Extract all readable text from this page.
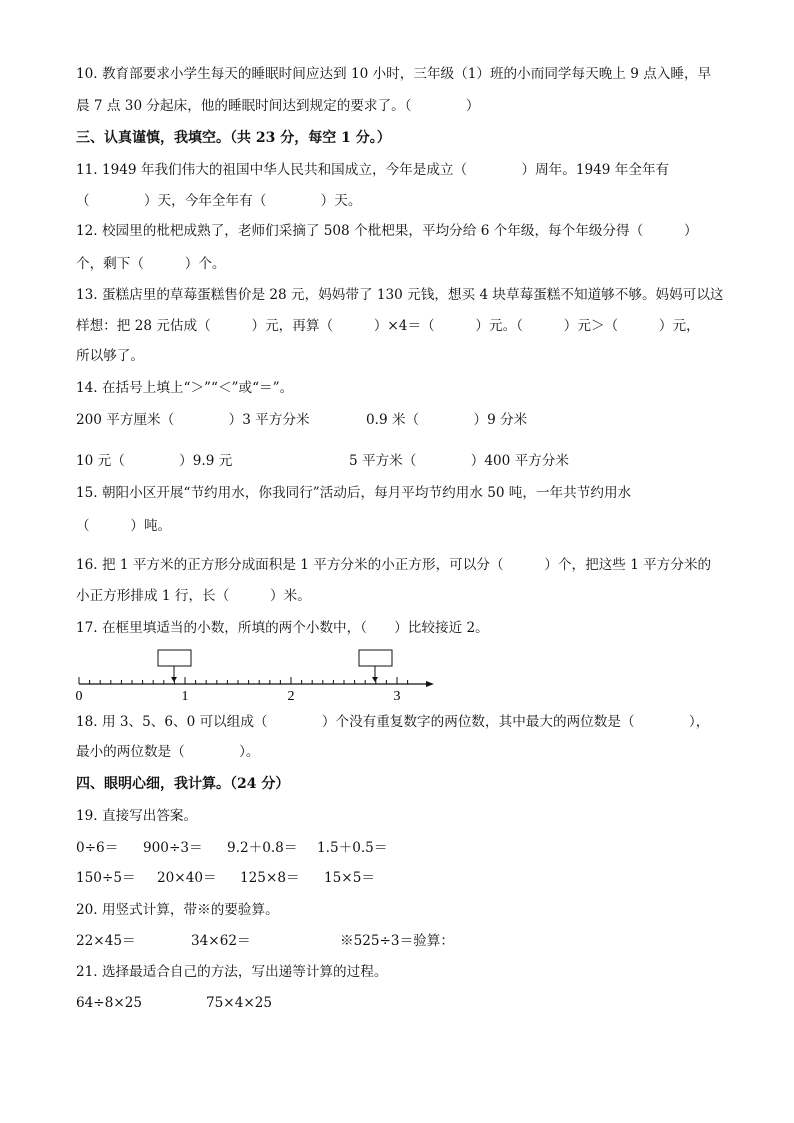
10. 教育部要求小学生每天的睡眠时间应达到 10 小时，三年级（1）班的小而同学每天晚上 9 点入睡，早
晨 7 点 30 分起床，他的睡眠时间达到规定的要求了。（　　　　）
三、认真谨慎，我填空。（共 23 分，每空 1 分。）
11. 1949 年我们伟大的祖国中华人民共和国成立，今年是成立（　　　　）周年。1949 年全年有
（　　　　）天，今年全年有（　　　　）天。
12. 校园里的枇杷成熟了，老师们采摘了 508 个枇杷果，平均分给 6 个年级，每个年级分得（　　　）
个，剩下（　　　）个。
13. 蛋糕店里的草莓蛋糕售价是 28 元，妈妈带了 130 元钱，想买 4 块草莓蛋糕不知道够不够。妈妈可以这
样想：把 28 元估成（　　　）元，再算（　　　）×4＝（　　　）元。（　　　）元＞（　　　）元，
所以够了。
14. 在括号上填上“＞”“＜”或“＝”。
200 平方厘米（　　　　）3 平方分米	0.9 米（　　　　）9 分米
10 元（　　　　）9.9 元	5 平方米（　　　　）400 平方分米
15. 朝阳小区开展“节约用水，你我同行”活动后，每月平均节约用水 50 吨，一年共节约用水
（　　　）吨。
16. 把 1 平方米的正方形分成面积是 1 平方分米的小正方形，可以分（　　　）个，把这些 1 平方分米的
小正方形排成 1 行，长（　　　）米。
17. 在框里填适当的小数，所填的两个小数中，（　　）比较接近 2。
0	1	2	3
18. 用 3、5、6、0 可以组成（　　　　）个没有重复数字的两位数，其中最大的两位数是（　　　　），
最小的两位数是（　　　　）。
四、眼明心细，我计算。（24 分）
19. 直接写出答案。
0÷6＝ 900÷3＝ 9.2＋0.8＝ 1.5＋0.5＝
150÷5＝ 20×40＝ 125×8＝ 15×5＝
20. 用竖式计算，带※的要验算。
22×45＝	34×62＝	※525÷3＝验算：
21. 选择最适合自己的方法，写出递等计算的过程。
64÷8×25	75×4×25
